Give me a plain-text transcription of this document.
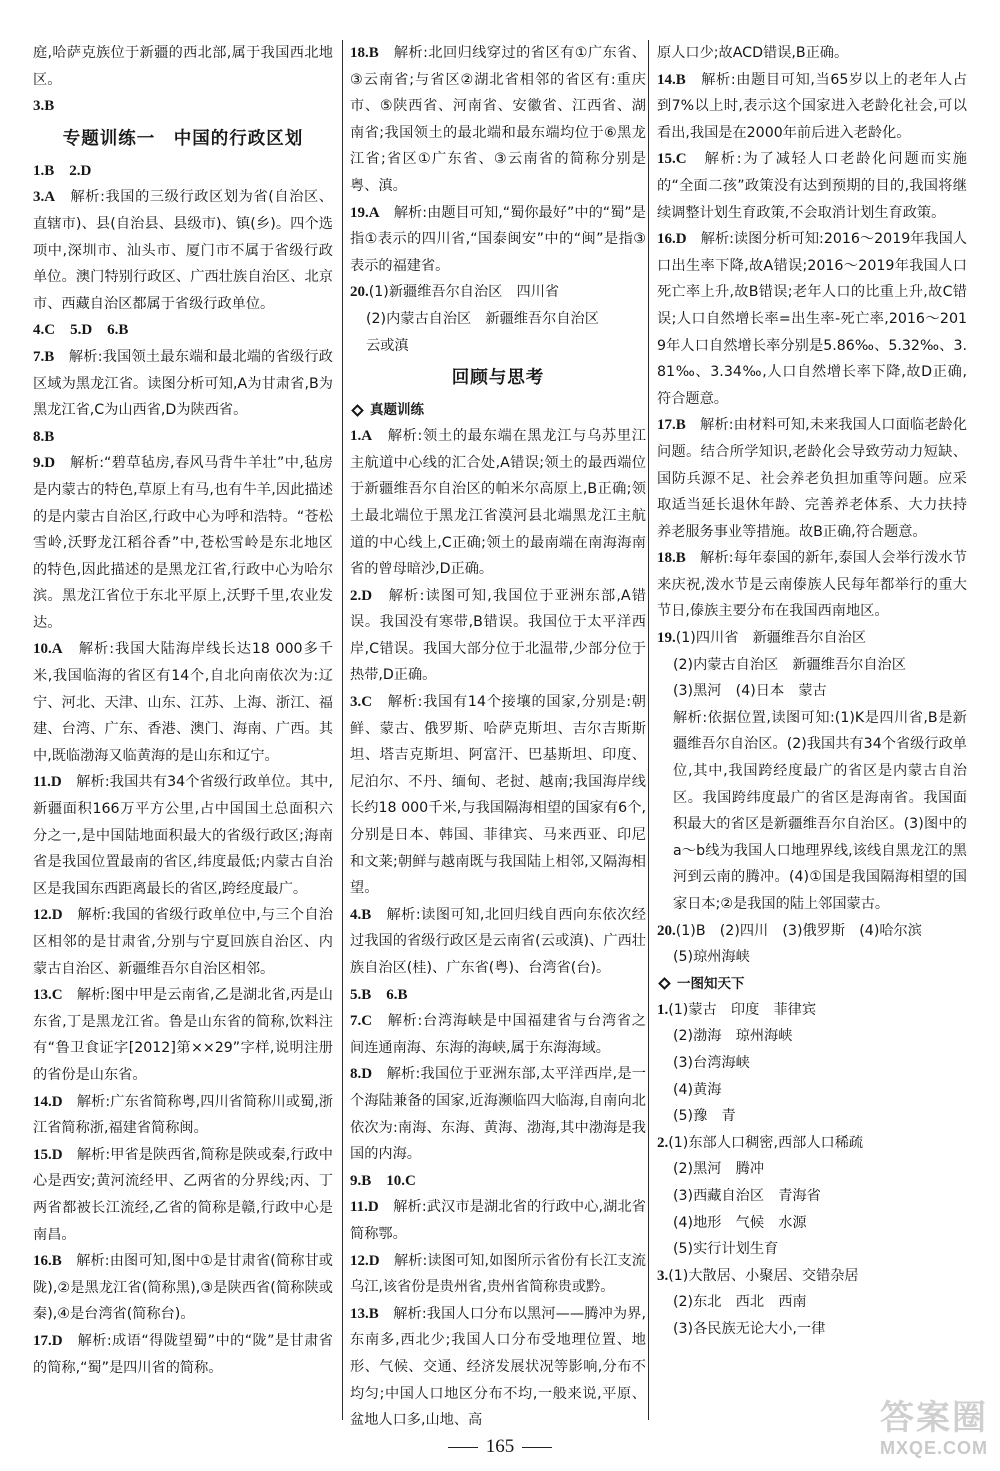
庭,哈萨克族位于新疆的西北部,属于我国西北地区。

3.B

专题训练一　中国的行政区划

1.B　2.D

3.A　解析:我国的三级行政区划为省(自治区、直辖市)、县(自治县、县级市)、镇(乡)。四个选项中,深圳市、汕头市、厦门市不属于省级行政单位。澳门特别行政区、广西壮族自治区、北京市、西藏自治区都属于省级行政单位。

4.C　5.D　6.B

7.B　解析:我国领土最东端和最北端的省级行政区域为黑龙江省。读图分析可知,A为甘肃省,B为黑龙江省,C为山西省,D为陕西省。

8.B

9.D　解析:“碧草毡房,春风马背牛羊壮”中,毡房是内蒙古的特色,草原上有马,也有牛羊,因此描述的是内蒙古自治区,行政中心为呼和浩特。“苍松雪岭,沃野龙江稻谷香”中,苍松雪岭是东北地区的特色,因此描述的是黑龙江省,行政中心为哈尔滨。黑龙江省位于东北平原上,沃野千里,农业发达。

10.A　解析:我国大陆海岸线长达18 000多千米,我国临海的省区有14个,自北向南依次为:辽宁、河北、天津、山东、江苏、上海、浙江、福建、台湾、广东、香港、澳门、海南、广西。其中,既临渤海又临黄海的是山东和辽宁。

11.D　解析:我国共有34个省级行政单位。其中,新疆面积166万平方公里,占中国国土总面积六分之一,是中国陆地面积最大的省级行政区;海南省是我国位置最南的省区,纬度最低;内蒙古自治区是我国东西距离最长的省区,跨经度最广。

12.D　解析:我国的省级行政单位中,与三个自治区相邻的是甘肃省,分别与宁夏回族自治区、内蒙古自治区、新疆维吾尔自治区相邻。

13.C　解析:图中甲是云南省,乙是湖北省,丙是山东省,丁是黑龙江省。鲁是山东省的简称,饮料注有“鲁卫食证字[2012]第××29”字样,说明注册的省份是山东省。

14.D　解析:广东省简称粤,四川省简称川或蜀,浙江省简称浙,福建省简称闽。

15.D　解析:甲省是陕西省,简称是陕或秦,行政中心是西安;黄河流经甲、乙两省的分界线;丙、丁两省都被长江流经,乙省的简称是赣,行政中心是南昌。

16.B　解析:由图可知,图中①是甘肃省(简称甘或陇),②是黑龙江省(简称黑),③是陕西省(简称陕或秦),④是台湾省(简称台)。

17.D　解析:成语“得陇望蜀”中的“陇”是甘肃省的简称,“蜀”是四川省的简称。

18.B　解析:北回归线穿过的省区有①广东省、③云南省;与省区②湖北省相邻的省区有:重庆市、⑤陕西省、河南省、安徽省、江西省、湖南省;我国领土的最北端和最东端均位于⑥黑龙江省;省区①广东省、③云南省的简称分别是粤、滇。

19.A　解析:由题目可知,“蜀你最好”中的“蜀”是指①表示的四川省,“国泰闽安”中的“闽”是指③表示的福建省。

20.(1)新疆维吾尔自治区　四川省

(2)内蒙古自治区　新疆维吾尔自治区

云或滇

回顾与思考
真题训练

1.A　解析:领土的最东端在黑龙江与乌苏里江主航道中心线的汇合处,A错误;领土的最西端位于新疆维吾尔自治区的帕米尔高原上,B正确;领土最北端位于黑龙江省漠河县北端黑龙江主航道的中心线上,C正确;领土的最南端在南海海南省的曾母暗沙,D正确。

2.D　解析:读图可知,我国位于亚洲东部,A错误。我国没有寒带,B错误。我国位于太平洋西岸,C错误。我国大部分位于北温带,少部分位于热带,D正确。

3.C　解析:我国有14个接壤的国家,分别是:朝鲜、蒙古、俄罗斯、哈萨克斯坦、吉尔吉斯斯坦、塔吉克斯坦、阿富汗、巴基斯坦、印度、尼泊尔、不丹、缅甸、老挝、越南;我国海岸线长约18 000千米,与我国隔海相望的国家有6个,分别是日本、韩国、菲律宾、马来西亚、印尼和文莱;朝鲜与越南既与我国陆上相邻,又隔海相望。

4.B　解析:读图可知,北回归线自西向东依次经过我国的省级行政区是云南省(云或滇)、广西壮族自治区(桂)、广东省(粤)、台湾省(台)。

5.B　6.B

7.C　解析:台湾海峡是中国福建省与台湾省之间连通南海、东海的海峡,属于东海海域。

8.D　解析:我国位于亚洲东部,太平洋西岸,是一个海陆兼备的国家,近海濒临四大临海,自南向北依次为:南海、东海、黄海、渤海,其中渤海是我国的内海。

9.B　10.C

11.D　解析:武汉市是湖北省的行政中心,湖北省简称鄂。

12.D　解析:读图可知,如图所示省份有长江支流乌江,该省份是贵州省,贵州省简称贵或黔。

13.B　解析:我国人口分布以黑河——腾冲为界,东南多,西北少;我国人口分布受地理位置、地形、气候、交通、经济发展状况等影响,分布不均匀;中国人口地区分布不均,一般来说,平原、盆地人口多,山地、高

原人口少;故ACD错误,B正确。

14.B　解析:由题目可知,当65岁以上的老年人占到7%以上时,表示这个国家进入老龄化社会,可以看出,我国是在2000年前后进入老龄化。

15.C　解析:为了减轻人口老龄化问题而实施的“全面二孩”政策没有达到预期的目的,我国将继续调整计划生育政策,不会取消计划生育政策。

16.D　解析:读图分析可知:2016～2019年我国人口出生率下降,故A错误;2016～2019年我国人口死亡率上升,故B错误;老年人口的比重上升,故C错误;人口自然增长率=出生率-死亡率,2016～2019年人口自然增长率分别是5.86‰、5.32‰、3.81‰、3.34‰,人口自然增长率下降,故D正确,符合题意。

17.B　解析:由材料可知,未来我国人口面临老龄化问题。结合所学知识,老龄化会导致劳动力短缺、国防兵源不足、社会养老负担加重等问题。应采取适当延长退休年龄、完善养老体系、大力扶持养老服务事业等措施。故B正确,符合题意。

18.B　解析:每年泰国的新年,泰国人会举行泼水节来庆祝,泼水节是云南傣族人民每年都举行的重大节日,傣族主要分布在我国西南地区。

19.(1)四川省　新疆维吾尔自治区

(2)内蒙古自治区　新疆维吾尔自治区

(3)黑河　(4)日本　蒙古

解析:依据位置,读图可知:(1)K是四川省,B是新疆维吾尔自治区。(2)我国共有34个省级行政单位,其中,我国跨经度最广的省区是内蒙古自治区。我国跨纬度最广的省区是海南省。我国面积最大的省区是新疆维吾尔自治区。(3)图中的a～b线为我国人口地理界线,该线自黑龙江的黑河到云南的腾冲。(4)①国是我国隔海相望的国家日本;②是我国的陆上邻国蒙古。

20.(1)B　(2)四川　(3)俄罗斯　(4)哈尔滨

(5)琼州海峡

一图知天下

1.(1)蒙古　印度　菲律宾

(2)渤海　琼州海峡

(3)台湾海峡

(4)黄海

(5)豫　青

2.(1)东部人口稠密,西部人口稀疏

(2)黑河　腾冲

(3)西藏自治区　青海省

(4)地形　气候　水源

(5)实行计划生育

3.(1)大散居、小聚居、交错杂居

(2)东北　西北　西南

(3)各民族无论大小,一律

165
答案圈
MXQE.COM
